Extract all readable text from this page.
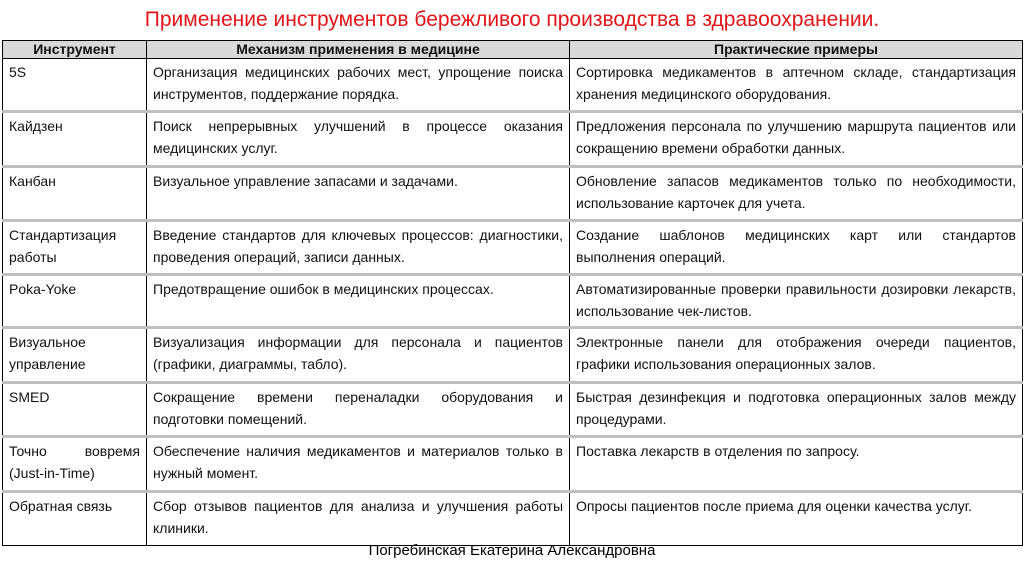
Применение инструментов бережливого производства в здравоохранении.
Инструмент	Механизм применения в медицине	Практические примеры
5S	Организация медицинских рабочих мест, упрощение поиска инструментов, поддержание порядка.	Сортировка медикаментов в аптечном складе, стандартизация хранения медицинского оборудования.
Кайдзен	Поиск непрерывных улучшений в процессе оказания медицинских услуг.	Предложения персонала по улучшению маршрута пациентов или сокращению времени обработки данных.
Канбан	Визуальное управление запасами и задачами.	Обновление запасов медикаментов только по необходимости, использование карточек для учета.
Стандартизация работы	Введение стандартов для ключевых процессов: диагностики, проведения операций, записи данных.	Создание шаблонов медицинских карт или стандартов выполнения операций.
Poka-Yoke	Предотвращение ошибок в медицинских процессах.	Автоматизированные проверки правильности дозировки лекарств, использование чек-листов.
Визуальное управление	Визуализация информации для персонала и пациентов (графики, диаграммы, табло).	Электронные панели для отображения очереди пациентов, графики использования операционных залов.
SMED	Сокращение времени переналадки оборудования и подготовки помещений.	Быстрая дезинфекция и подготовка операционных залов между процедурами.
Точно вовремя (Just-in-Time)	Обеспечение наличия медикаментов и материалов только в нужный момент.	Поставка лекарств в отделения по запросу.
Обратная связь	Сбор отзывов пациентов для анализа и улучшения работы клиники.	Опросы пациентов после приема для оценки качества услуг.
Погребинская Екатерина Александровна
